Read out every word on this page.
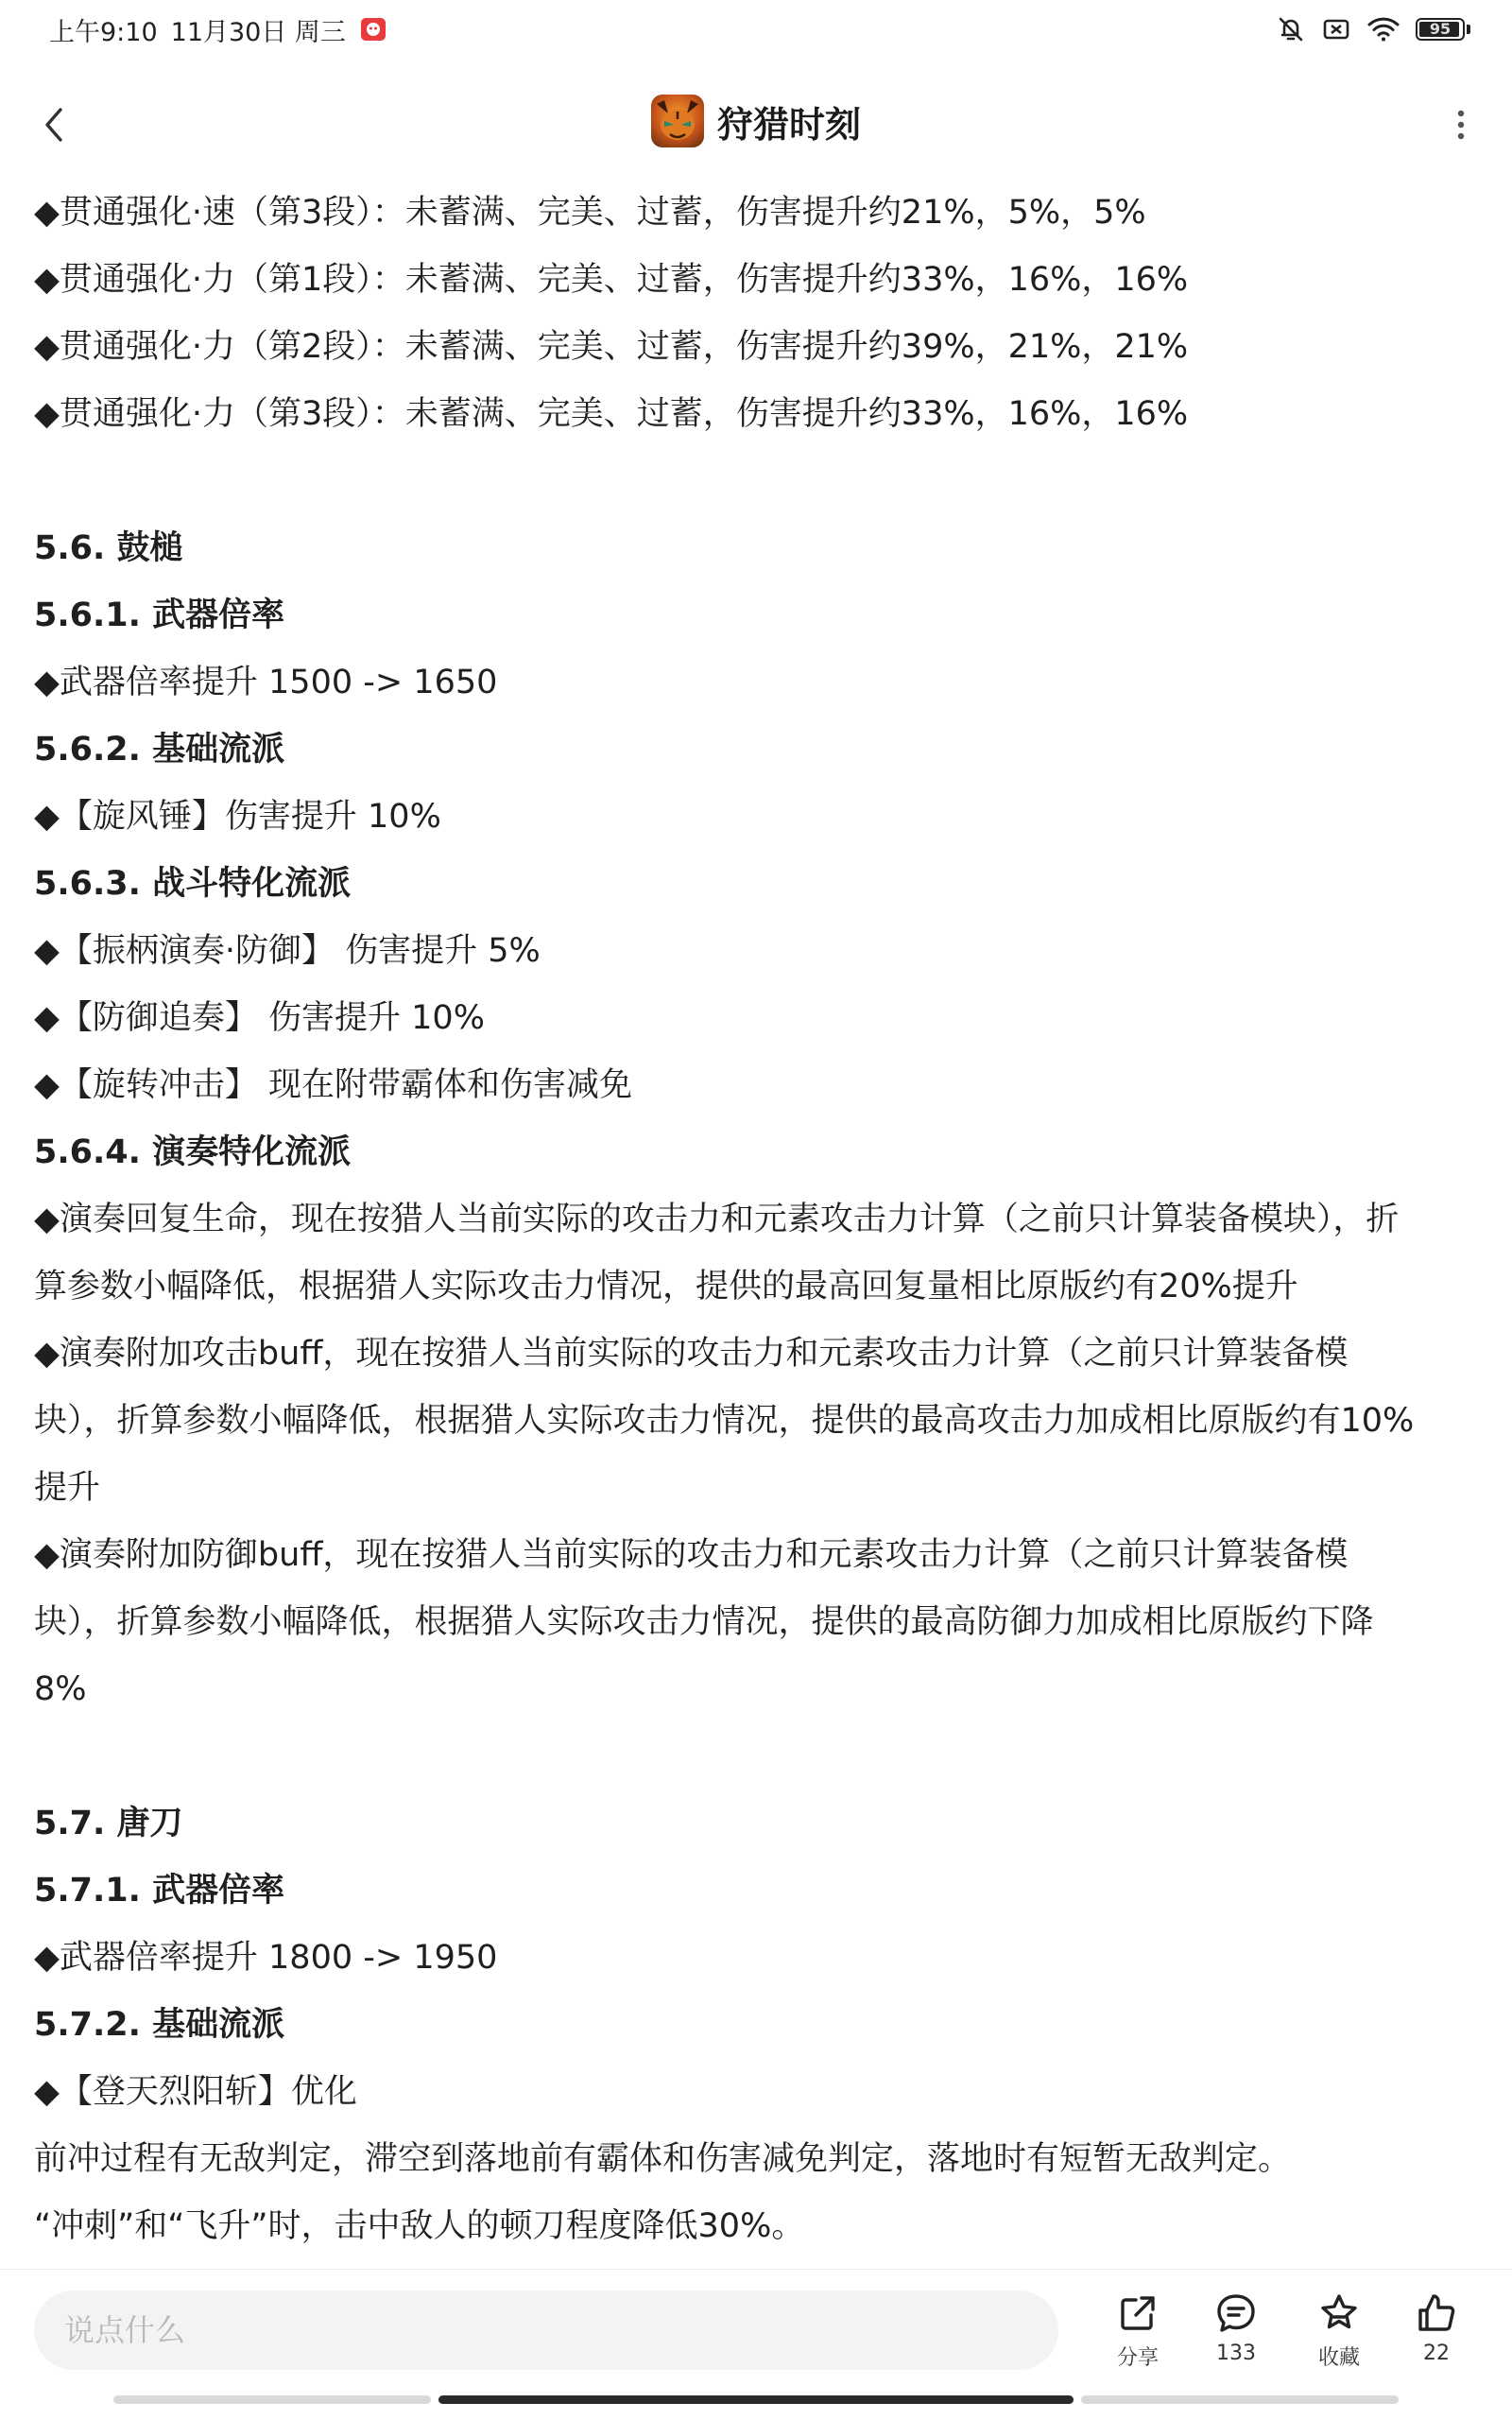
上午9:10 11月30日 周三	95
狩猎时刻
◆贯通强化·速（第3段）：未蓄满、完美、过蓄，伤害提升约21%，5%，5%
◆贯通强化·力（第1段）：未蓄满、完美、过蓄，伤害提升约33%，16%，16%
◆贯通强化·力（第2段）：未蓄满、完美、过蓄，伤害提升约39%，21%，21%
◆贯通强化·力（第3段）：未蓄满、完美、过蓄，伤害提升约33%，16%，16%
5.6. 鼓槌
5.6.1. 武器倍率
◆武器倍率提升 1500 -> 1650
5.6.2. 基础流派
◆【旋风锤】伤害提升 10%
5.6.3. 战斗特化流派
◆【振柄演奏·防御】 伤害提升 5%
◆【防御追奏】 伤害提升 10%
◆【旋转冲击】 现在附带霸体和伤害减免
5.6.4. 演奏特化流派
◆演奏回复生命，现在按猎人当前实际的攻击力和元素攻击力计算（之前只计算装备模块），折
算参数小幅降低，根据猎人实际攻击力情况，提供的最高回复量相比原版约有20%提升
◆演奏附加攻击buff，现在按猎人当前实际的攻击力和元素攻击力计算（之前只计算装备模
块），折算参数小幅降低，根据猎人实际攻击力情况，提供的最高攻击力加成相比原版约有10%
提升
◆演奏附加防御buff，现在按猎人当前实际的攻击力和元素攻击力计算（之前只计算装备模
块），折算参数小幅降低，根据猎人实际攻击力情况，提供的最高防御力加成相比原版约下降
8%
5.7. 唐刀
5.7.1. 武器倍率
◆武器倍率提升 1800 -> 1950
5.7.2. 基础流派
◆【登天烈阳斩】优化
前冲过程有无敌判定，滞空到落地前有霸体和伤害减免判定，落地时有短暂无敌判定。
“冲刺”和“飞升”时，击中敌人的顿刀程度降低30%。
说点什么
分享	133	收藏	22
